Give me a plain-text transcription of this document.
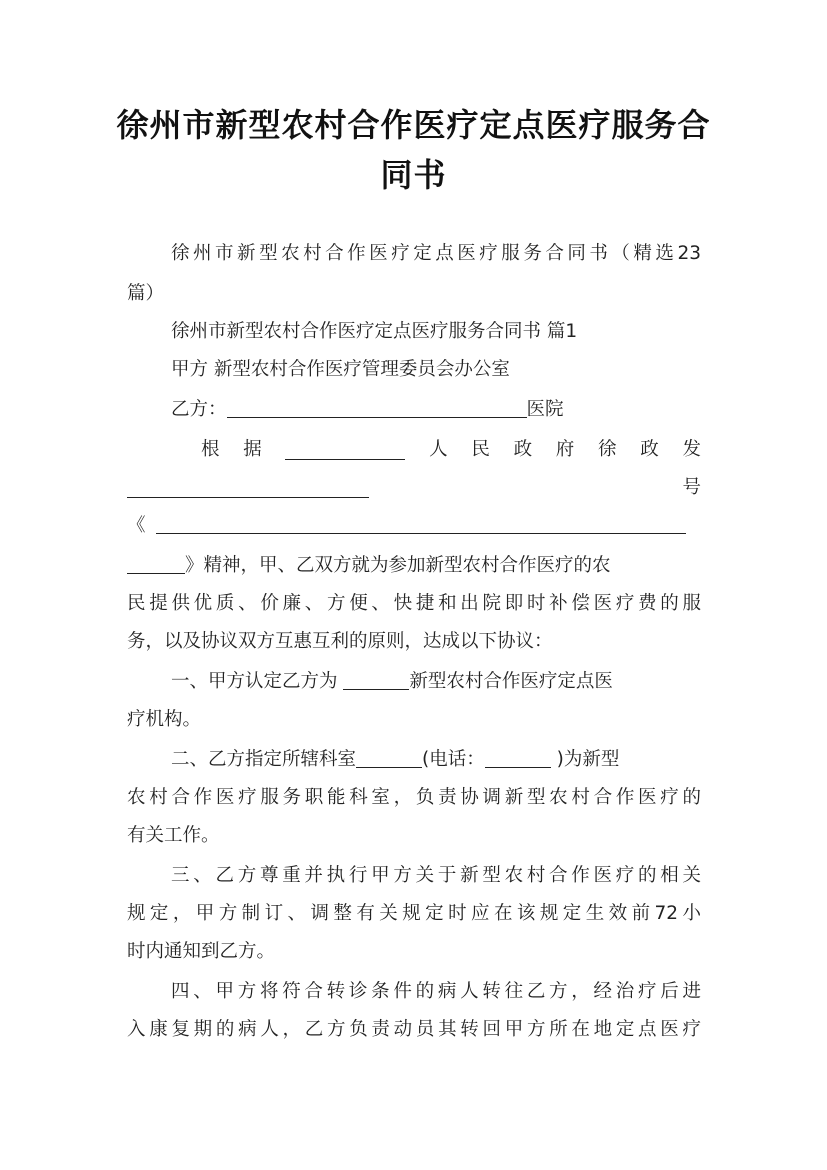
徐州市新型农村合作医疗定点医疗服务合
同书
徐州市新型农村合作医疗定点医疗服务合同书（精选23
篇）
徐州市新型农村合作医疗定点医疗服务合同书 篇1
甲方 新型农村合作医疗管理委员会办公室
乙方：	医院
根 据	人 民 政 府 徐 政 发
号
《
》精神，甲、乙双方就为参加新型农村合作医疗的农
民提供优质、价廉、方便、快捷和出院即时补偿医疗费的服
务，以及协议双方互惠互利的原则，达成以下协议：
一、甲方认定乙方为	新型农村合作医疗定点医
疗机构。
二、乙方指定所辖科室	(电话：	)为新型
农村合作医疗服务职能科室，负责协调新型农村合作医疗的
有关工作。
三、乙方尊重并执行甲方关于新型农村合作医疗的相关
规定，甲方制订、调整有关规定时应在该规定生效前72小
时内通知到乙方。
四、甲方将符合转诊条件的病人转往乙方，经治疗后进
入康复期的病人，乙方负责动员其转回甲方所在地定点医疗
